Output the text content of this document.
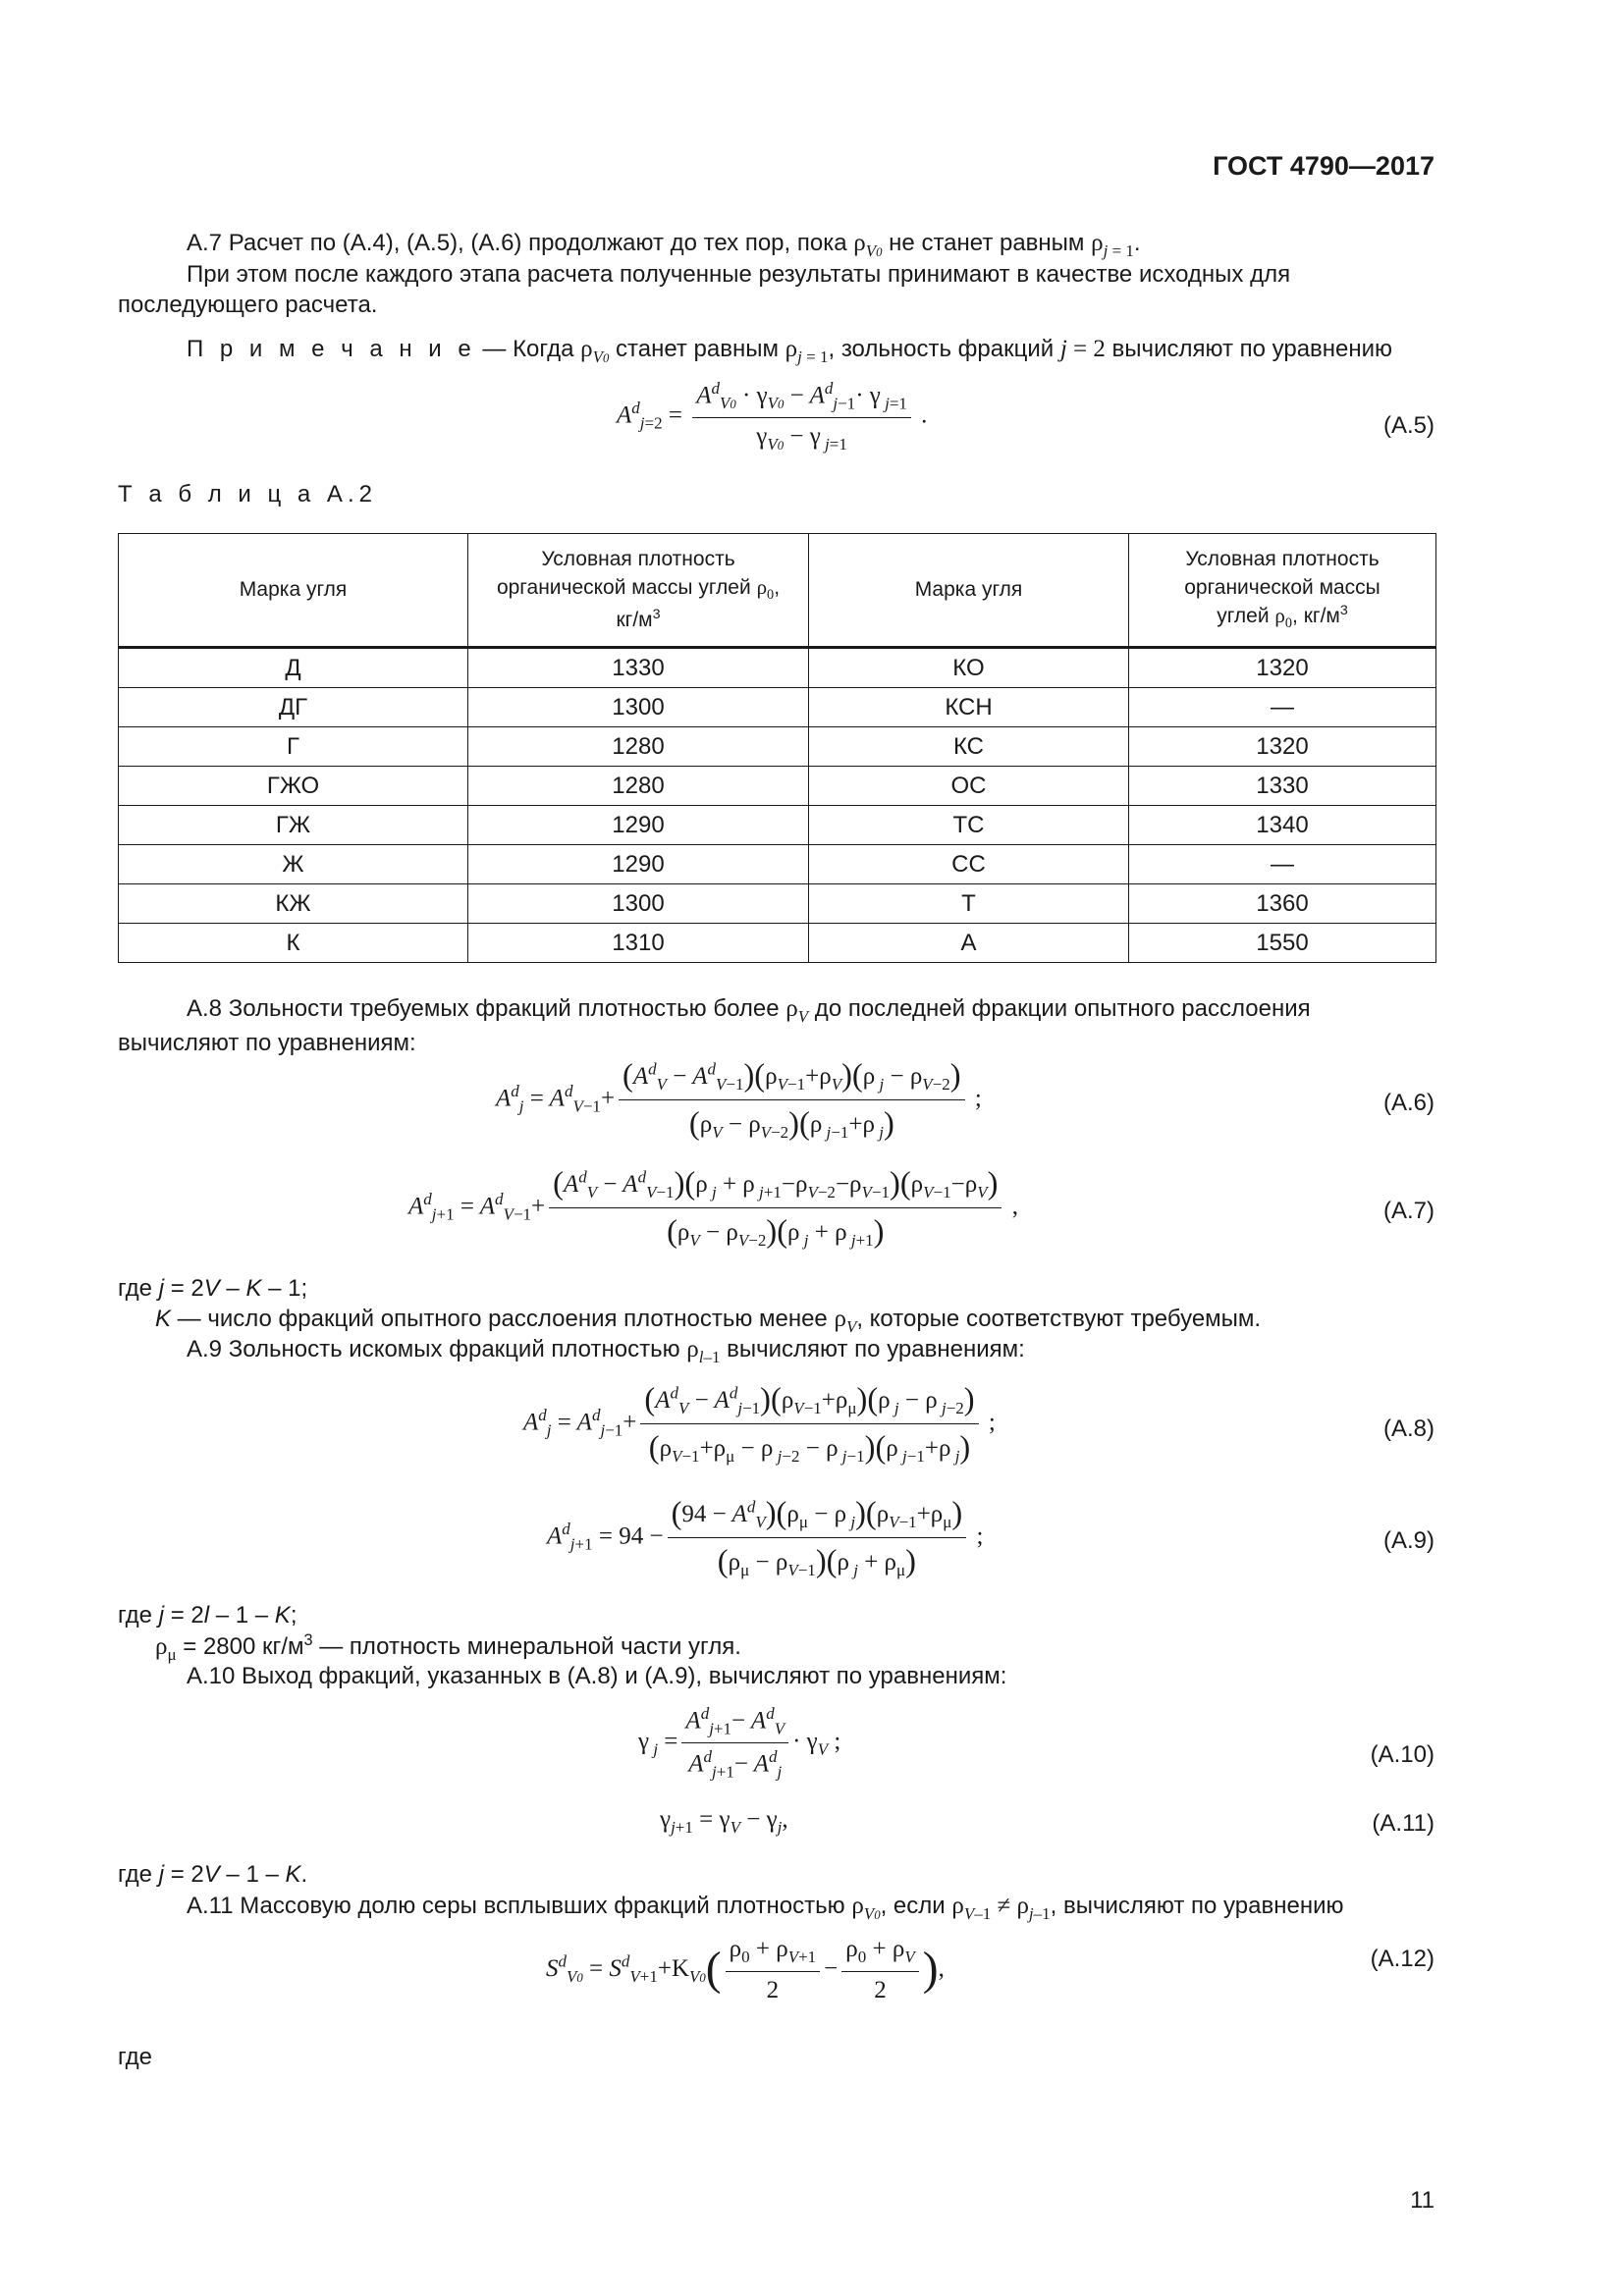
ГОСТ 4790—2017
А.7 Расчет по (А.4), (А.5), (А.6) продолжают до тех пор, пока $\rho_{V0}$ не станет равным $\rho_{j = 1}$.
При этом после каждого этапа расчета полученные результаты принимают в качестве исходных для последующего расчета.
П р и м е ч а н и е — Когда $\rho_{V0}$ станет равным $\rho_{j = 1}$, зольность фракций j = 2 вычисляют по уравнению
$A^d_{j=2} = \frac{A^d_{V0} \cdot \gamma_{V0} - A^d_{j-1}\cdot \gamma _{j=1}}{\gamma_{V0} - \gamma _{j=1}}$ .	(А.5)
Т а б л и ц а А.2
Марка угля	Условная плотность органической массы углей $\rho_0$, $кг/м^3$	Марка угля	Условная плотность органической массы углей $\rho_0$, $кг/м^3$

Д	1330	КО	1320
ДГ	1300	КСН	—
Г	1280	КС	1320
ГЖО	1280	ОС	1330
ГЖ	1290	ТС	1340
Ж	1290	СС	—
КЖ	1300	Т	1360
К	1310	А	1550
А.8 Зольности требуемых фракций плотностью более $\rho_V$ до последней фракции опытного расслоения вычисляют по уравнениям:
$A^d_j = A^d_{V-1}+ \frac{(A^d_V - A^d_{V-1})(\rho_{V-1}+\rho_V)(\rho _j - \rho_{V-2})}{(\rho_V - \rho_{V-2})(\rho _{j-1}+\rho _j)}$ ;	(А.6)
$A^d_{j+1} = A^d_{V-1}+ \frac{(A^d_V - A^d_{V-1})(\rho _j + \rho _{j+1}-\rho_{V-2}-\rho_{V-1})(\rho_{V-1}-\rho_V)}{(\rho_V - \rho_{V-2})(\rho _j + \rho _{j+1})}$ ,	(А.7)
где j = 2V – K – 1;
K — число фракций опытного расслоения плотностью менее $\rho_V$, которые соответствуют требуемым.
А.9 Зольность искомых фракций плотностью $\rho_{l-1}$ вычисляют по уравнениям:
$A^d_j = A^d_{j-1}+ \frac{(A^d_V - A^d_{j-1})(\rho_{V-1}+\rho_\mu)(\rho _j - \rho _{j-2})}{(\rho_{V-1}+\rho_\mu - \rho _{j-2} - \rho _{j-1})(\rho _{j-1}+\rho _j)}$ ;	(А.8)
$A^d_{j+1} = 94 - \frac{(94 - A^d_V)(\rho_\mu - \rho _j)(\rho_{V-1}+\rho_\mu)}{(\rho_\mu - \rho_{V-1})(\rho _j + \rho_\mu)}$ ;	(А.9)
где j = 2l – 1 – K;
$\rho_\mu = 2800$ $кг/м^3$ — плотность минеральной части угля.
А.10 Выход фракций, указанных в (А.8) и (А.9), вычисляют по уравнениям:
γ $_j = \frac{A^d_{j+1}- A^d_V}{A^d_{j+1}- A^d_j} \cdot \gamma_V$ ;	(А.10)
$\gamma_{j+1} = \gamma_V - \gamma_j$,	(А.11)
где j = 2V – 1 – K.
А.11 Массовую долю серы всплывших фракций плотностью $\rho_{V0}$, если $\rho_{V-1} \ne \rho_{j-1}$, вычисляют по уравнению
$S^d_{V0} = S^d_{V+1}+K_{V0}( \frac{\rho_0 + \rho_{V+1}}{2} - \frac{\rho_0 + \rho_V}{2}$ ),	(А.12)
где
11
